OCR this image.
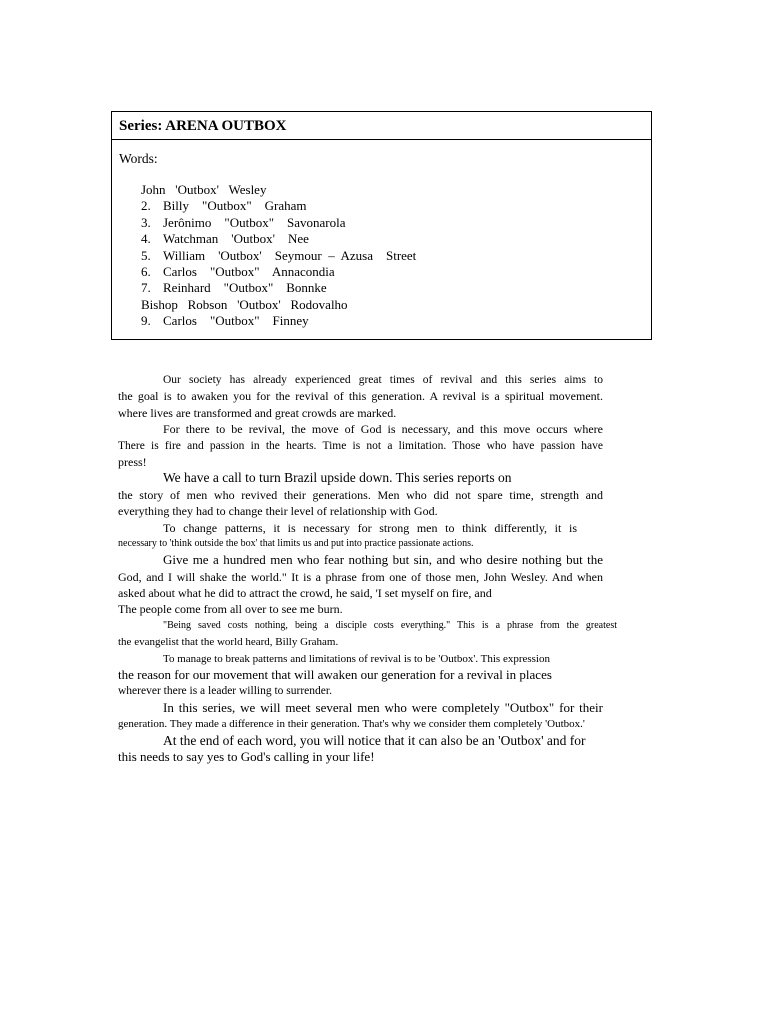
Series: ARENA OUTBOX
Words:
John   'Outbox'   Wesley
2. Billy    "Outbox"    Graham
3. Jerônimo    "Outbox"    Savonarola
4. Watchman    'Outbox'    Nee
5. William    'Outbox'    Seymour  –  Azusa    Street
6. Carlos    "Outbox"    Annacondia
7. Reinhard    "Outbox"    Bonnke
Bishop   Robson   'Outbox'   Rodovalho
9. Carlos    "Outbox"    Finney
Our society has already experienced great times of revival and this series aims to
the goal is to awaken you for the revival of this generation. A revival is a spiritual movement.
where lives are transformed and great crowds are marked.
For there to be revival, the move of God is necessary, and this move occurs where
There is fire and passion in the hearts. Time is not a limitation. Those who have passion have
press!
We have a call to turn Brazil upside down. This series reports on
the story of men who revived their generations. Men who did not spare time, strength and
everything they had to change their level of relationship with God.
To change patterns, it is necessary for strong men to think differently, it is
necessary to 'think outside the box' that limits us and put into practice passionate actions.
Give me a hundred men who fear nothing but sin, and who desire nothing but the
God, and I will shake the world." It is a phrase from one of those men, John Wesley. And when
asked about what he did to attract the crowd, he said, 'I set myself on fire, and
The people come from all over to see me burn.
"Being saved costs nothing, being a disciple costs everything." This is a phrase from the greatest
the evangelist that the world heard, Billy Graham.
To manage to break patterns and limitations of revival is to be 'Outbox'. This expression
the reason for our movement that will awaken our generation for a revival in places
wherever there is a leader willing to surrender.
In this series, we will meet several men who were completely "Outbox" for their
generation. They made a difference in their generation. That's why we consider them completely 'Outbox.'
At the end of each word, you will notice that it can also be an 'Outbox' and for
this needs to say yes to God's calling in your life!
